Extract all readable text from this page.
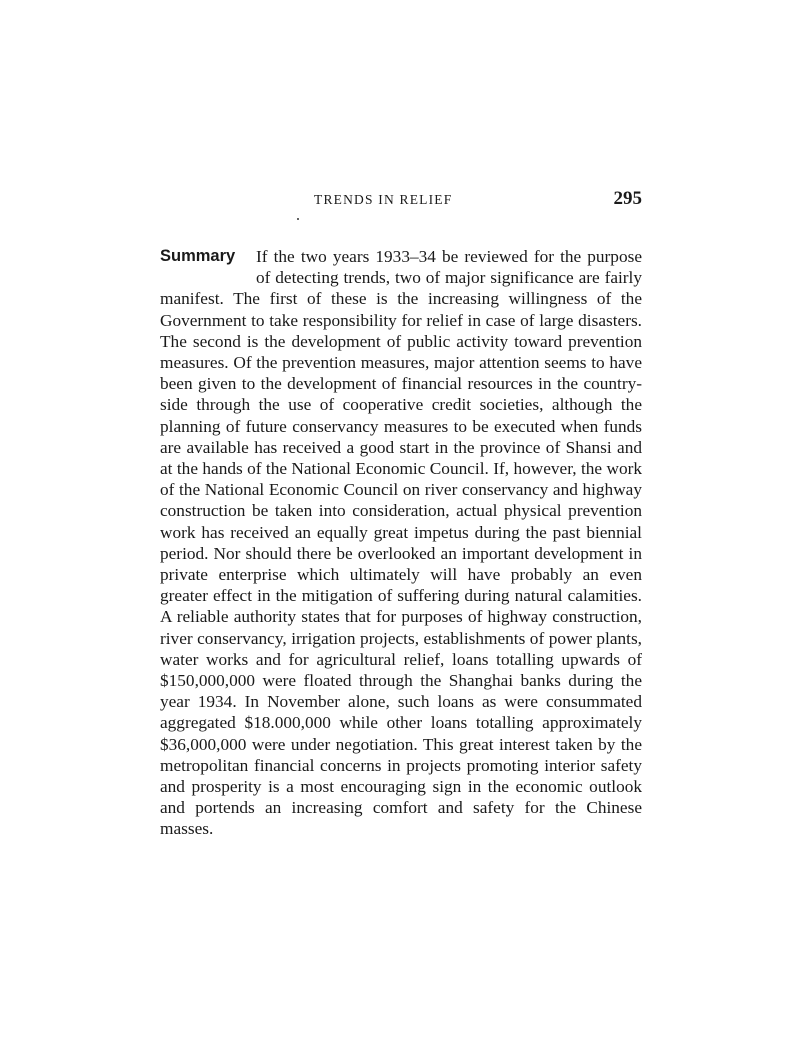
TRENDS IN RELIEF	295
Summary	If the two years 1933–34 be reviewed for the purpose of detecting trends, two of major significance are fairly manifest. The first of these is the increasing willingness of the Government to take responsibility for relief in case of large disasters. The second is the development of public activity toward prevention measures. Of the prevention measures, major attention seems to have been given to the development of financial resources in the country-side through the use of cooperative credit societies, although the planning of future conservancy measures to be executed when funds are available has received a good start in the province of Shansi and at the hands of the National Economic Council. If, however, the work of the National Economic Council on river conservancy and highway construction be taken into consideration, actual physical prevention work has received an equally great impetus during the past biennial period. Nor should there be overlooked an important development in private enterprise which ultimately will have probably an even greater effect in the mitigation of suffering during natural calamities. A reliable authority states that for purposes of highway construction, river conservancy, irrigation projects, establishments of power plants, water works and for agricultural relief, loans totalling upwards of $150,000,000 were floated through the Shanghai banks during the year 1934. In November alone, such loans as were consummated aggregated $18.000,000 while other loans totalling approximately $36,000,000 were under negotiation. This great interest taken by the metropolitan financial concerns in projects promoting interior safety and prosperity is a most encouraging sign in the economic outlook and portends an increasing comfort and safety for the Chinese masses.
